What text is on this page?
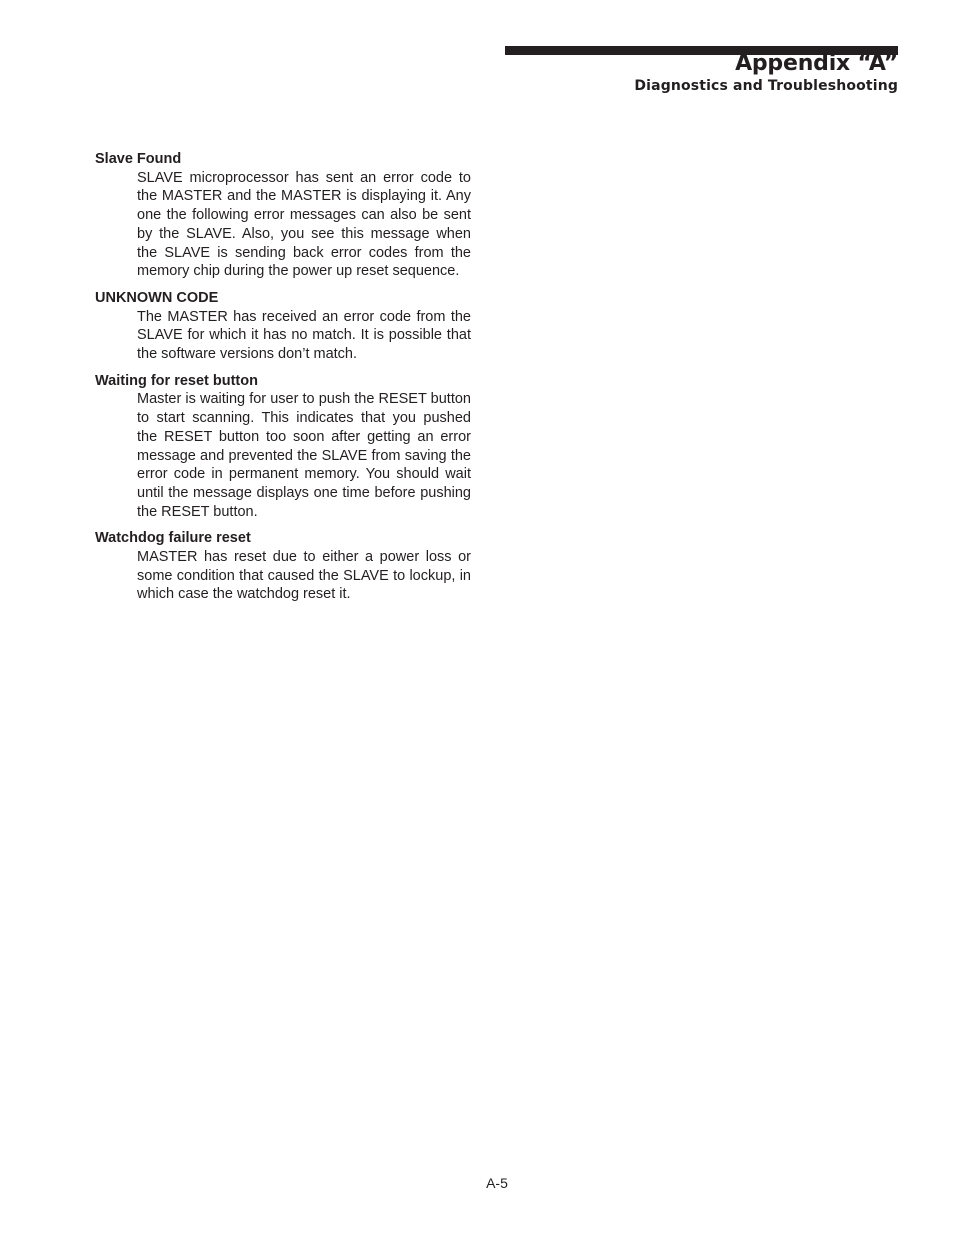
Appendix “A”
Diagnostics and Troubleshooting

Slave Found

SLAVE microprocessor has sent an error code to the MASTER and the MASTER is displaying it. Any one the following error messages can also be sent by the SLAVE. Also, you see this message when the SLAVE is sending back error codes from the memory chip during the power up reset sequence.

UNKNOWN CODE

The MASTER has received an error code from the SLAVE for which it has no match. It is possible that the software versions don’t match.

Waiting for reset button

Master is waiting for user to push the RESET button to start scanning. This indicates that you pushed the RESET button too soon after getting an error message and prevented the SLAVE from saving the error code in permanent memory. You should wait until the message displays one time before pushing the RESET button.

Watchdog failure reset

MASTER has reset due to either a power loss or some condition that caused the SLAVE to lockup, in which case the watchdog reset it.

A-5
